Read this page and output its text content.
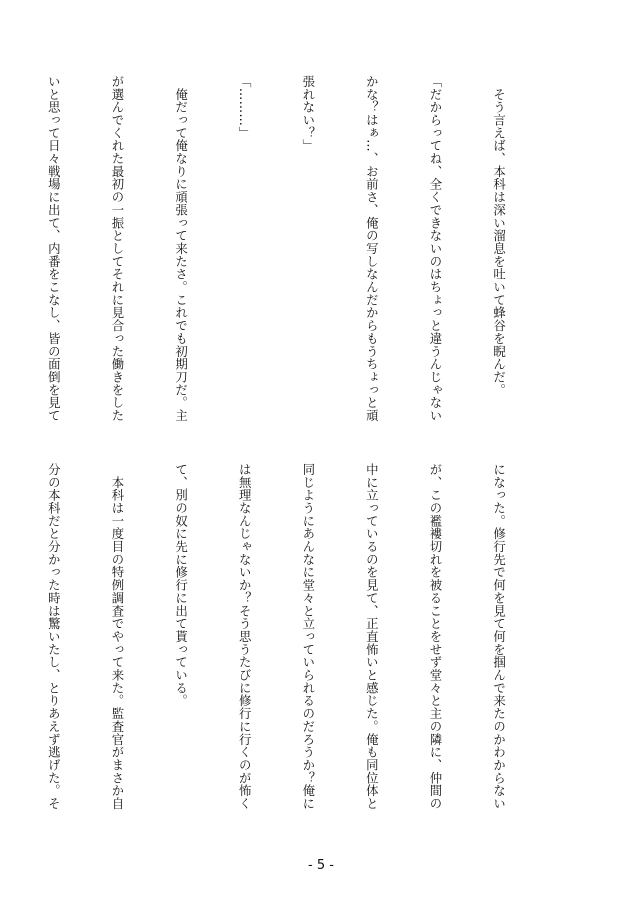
　そう言えば、本科は深い溜息を吐いて蜂谷を睨んだ。

「だからってね、全くできないのはちょっと違うんじゃない

かな？はぁ…、お前さ、俺の写しなんだからもうちょっと頑

張れない？」

「………」

　俺だって俺なりに頑張って来たさ。これでも初期刀だ。主

が選んでくれた最初の一振としてそれに見合った働きをした

いと思って日々戦場に出て、内番をこなし、皆の面倒を見て

になった。修行先で何を見て何を掴んで来たのかわからない

が、この襤褸切れを被ることをせず堂々と主の隣に、仲間の

中に立っているのを見て、正直怖いと感じた。俺も同位体と

同じようにあんなに堂々と立っていられるのだろうか？俺に

は無理なんじゃないか？そう思うたびに修行に行くのが怖く

て、別の奴に先に修行に出て貰っている。

　本科は一度目の特例調査でやって来た。監査官がまさか自

分の本科だと分かった時は驚いたし、とりあえず逃げた。そ

- 5 -
